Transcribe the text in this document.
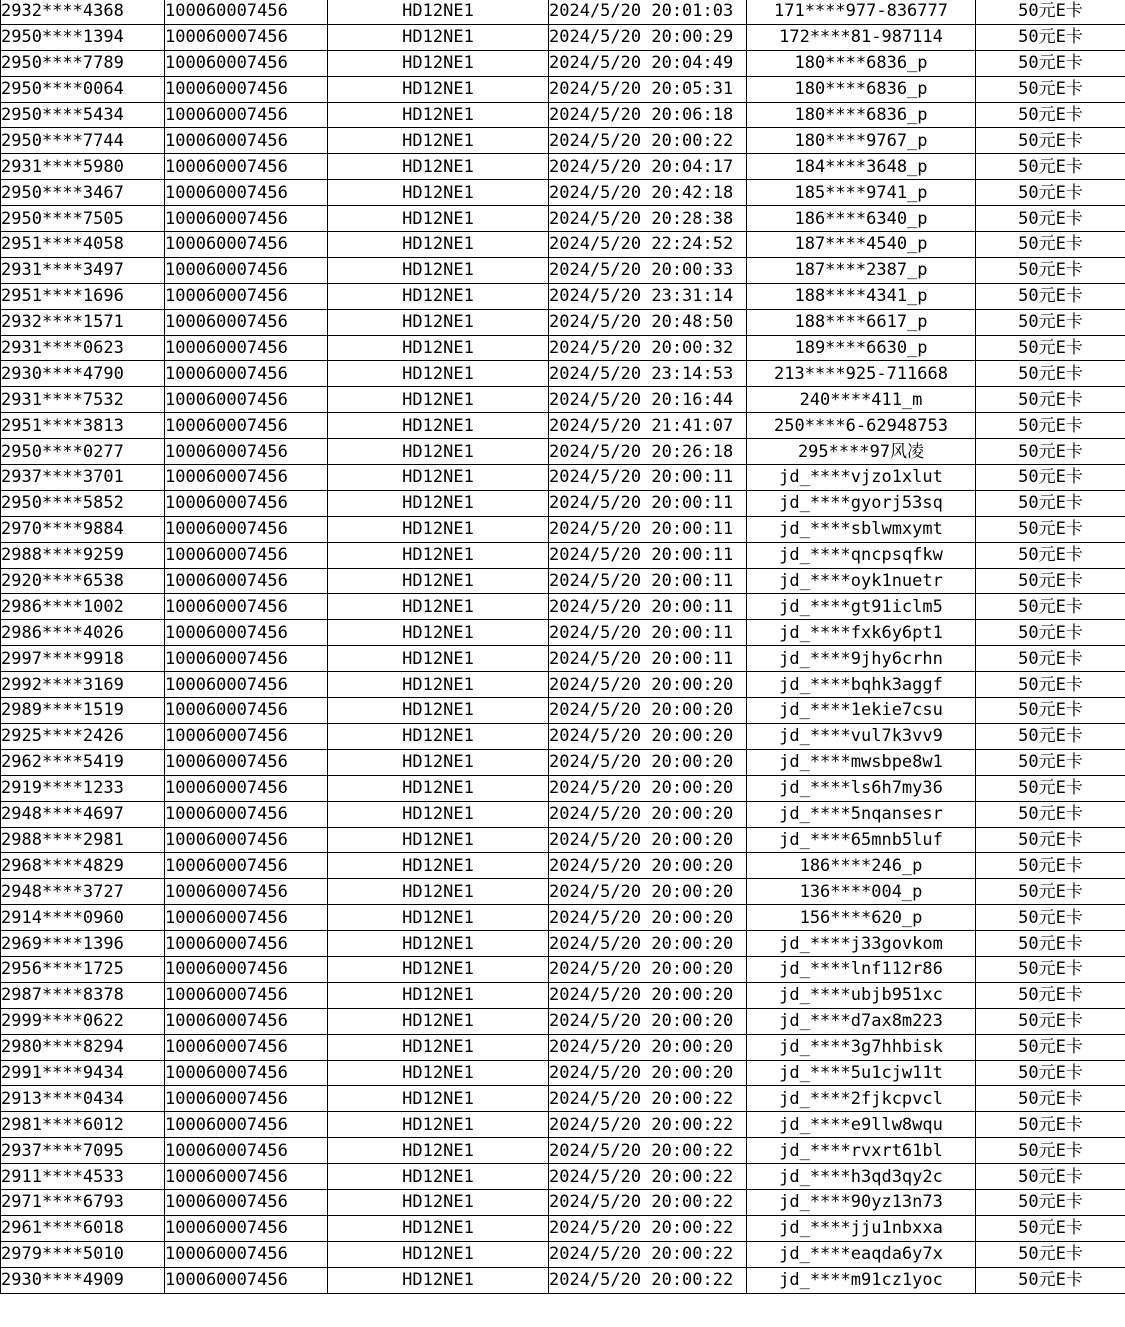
2932****4368	100060007456	HD12NE1	2024/5/20 20:01:03	171****977-836777	50元E卡
2950****1394	100060007456	HD12NE1	2024/5/20 20:00:29	172****81-987114	50元E卡
2950****7789	100060007456	HD12NE1	2024/5/20 20:04:49	180****6836_p	50元E卡
2950****0064	100060007456	HD12NE1	2024/5/20 20:05:31	180****6836_p	50元E卡
2950****5434	100060007456	HD12NE1	2024/5/20 20:06:18	180****6836_p	50元E卡
2950****7744	100060007456	HD12NE1	2024/5/20 20:00:22	180****9767_p	50元E卡
2931****5980	100060007456	HD12NE1	2024/5/20 20:04:17	184****3648_p	50元E卡
2950****3467	100060007456	HD12NE1	2024/5/20 20:42:18	185****9741_p	50元E卡
2950****7505	100060007456	HD12NE1	2024/5/20 20:28:38	186****6340_p	50元E卡
2951****4058	100060007456	HD12NE1	2024/5/20 22:24:52	187****4540_p	50元E卡
2931****3497	100060007456	HD12NE1	2024/5/20 20:00:33	187****2387_p	50元E卡
2951****1696	100060007456	HD12NE1	2024/5/20 23:31:14	188****4341_p	50元E卡
2932****1571	100060007456	HD12NE1	2024/5/20 20:48:50	188****6617_p	50元E卡
2931****0623	100060007456	HD12NE1	2024/5/20 20:00:32	189****6630_p	50元E卡
2930****4790	100060007456	HD12NE1	2024/5/20 23:14:53	213****925-711668	50元E卡
2931****7532	100060007456	HD12NE1	2024/5/20 20:16:44	240****411_m	50元E卡
2951****3813	100060007456	HD12NE1	2024/5/20 21:41:07	250****6-62948753	50元E卡
2950****0277	100060007456	HD12NE1	2024/5/20 20:26:18	295****97风凌	50元E卡
2937****3701	100060007456	HD12NE1	2024/5/20 20:00:11	jd_****vjzo1xlut	50元E卡
2950****5852	100060007456	HD12NE1	2024/5/20 20:00:11	jd_****gyorj53sq	50元E卡
2970****9884	100060007456	HD12NE1	2024/5/20 20:00:11	jd_****sblwmxymt	50元E卡
2988****9259	100060007456	HD12NE1	2024/5/20 20:00:11	jd_****qncpsqfkw	50元E卡
2920****6538	100060007456	HD12NE1	2024/5/20 20:00:11	jd_****oyk1nuetr	50元E卡
2986****1002	100060007456	HD12NE1	2024/5/20 20:00:11	jd_****gt91iclm5	50元E卡
2986****4026	100060007456	HD12NE1	2024/5/20 20:00:11	jd_****fxk6y6pt1	50元E卡
2997****9918	100060007456	HD12NE1	2024/5/20 20:00:11	jd_****9jhy6crhn	50元E卡
2992****3169	100060007456	HD12NE1	2024/5/20 20:00:20	jd_****bqhk3aggf	50元E卡
2989****1519	100060007456	HD12NE1	2024/5/20 20:00:20	jd_****1ekie7csu	50元E卡
2925****2426	100060007456	HD12NE1	2024/5/20 20:00:20	jd_****vul7k3vv9	50元E卡
2962****5419	100060007456	HD12NE1	2024/5/20 20:00:20	jd_****mwsbpe8w1	50元E卡
2919****1233	100060007456	HD12NE1	2024/5/20 20:00:20	jd_****ls6h7my36	50元E卡
2948****4697	100060007456	HD12NE1	2024/5/20 20:00:20	jd_****5nqansesr	50元E卡
2988****2981	100060007456	HD12NE1	2024/5/20 20:00:20	jd_****65mnb5luf	50元E卡
2968****4829	100060007456	HD12NE1	2024/5/20 20:00:20	186****246_p	50元E卡
2948****3727	100060007456	HD12NE1	2024/5/20 20:00:20	136****004_p	50元E卡
2914****0960	100060007456	HD12NE1	2024/5/20 20:00:20	156****620_p	50元E卡
2969****1396	100060007456	HD12NE1	2024/5/20 20:00:20	jd_****j33govkom	50元E卡
2956****1725	100060007456	HD12NE1	2024/5/20 20:00:20	jd_****lnf112r86	50元E卡
2987****8378	100060007456	HD12NE1	2024/5/20 20:00:20	jd_****ubjb951xc	50元E卡
2999****0622	100060007456	HD12NE1	2024/5/20 20:00:20	jd_****d7ax8m223	50元E卡
2980****8294	100060007456	HD12NE1	2024/5/20 20:00:20	jd_****3g7hhbisk	50元E卡
2991****9434	100060007456	HD12NE1	2024/5/20 20:00:20	jd_****5u1cjw11t	50元E卡
2913****0434	100060007456	HD12NE1	2024/5/20 20:00:22	jd_****2fjkcpvcl	50元E卡
2981****6012	100060007456	HD12NE1	2024/5/20 20:00:22	jd_****e9llw8wqu	50元E卡
2937****7095	100060007456	HD12NE1	2024/5/20 20:00:22	jd_****rvxrt61bl	50元E卡
2911****4533	100060007456	HD12NE1	2024/5/20 20:00:22	jd_****h3qd3qy2c	50元E卡
2971****6793	100060007456	HD12NE1	2024/5/20 20:00:22	jd_****90yz13n73	50元E卡
2961****6018	100060007456	HD12NE1	2024/5/20 20:00:22	jd_****jju1nbxxa	50元E卡
2979****5010	100060007456	HD12NE1	2024/5/20 20:00:22	jd_****eaqda6y7x	50元E卡
2930****4909	100060007456	HD12NE1	2024/5/20 20:00:22	jd_****m91cz1yoc	50元E卡
